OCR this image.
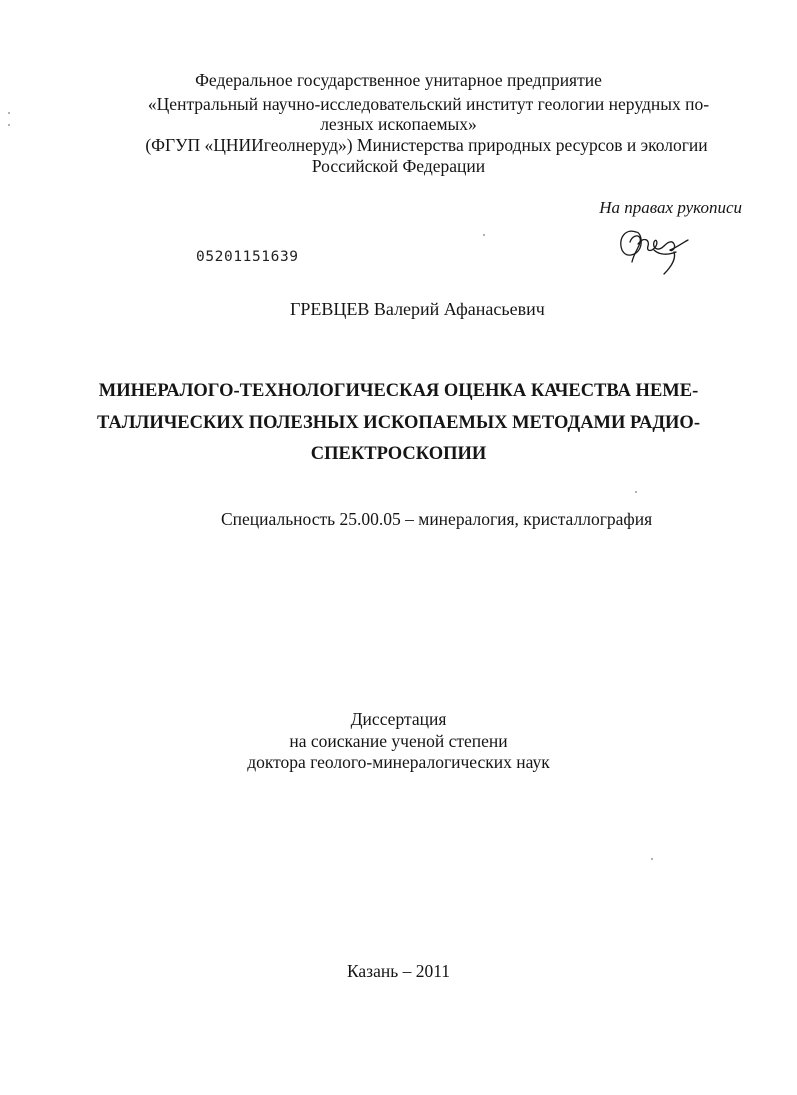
Федеральное государственное унитарное предприятие
«Центральный научно-исследовательский институт геологии нерудных по-
лезных ископаемых»
(ФГУП «ЦНИИгеолнеруд») Министерства природных ресурсов и экологии
Российской Федерации
На правах рукописи
05201151639
ГРЕВЦЕВ Валерий Афанасьевич
МИНЕРАЛОГО-ТЕХНОЛОГИЧЕСКАЯ ОЦЕНКА КАЧЕСТВА НЕМЕ-
ТАЛЛИЧЕСКИХ ПОЛЕЗНЫХ ИСКОПАЕМЫХ МЕТОДАМИ РАДИО-
СПЕКТРОСКОПИИ
Специальность 25.00.05 – минералогия, кристаллография
Диссертация
на соискание ученой степени
доктора геолого-минералогических наук
Казань – 2011
